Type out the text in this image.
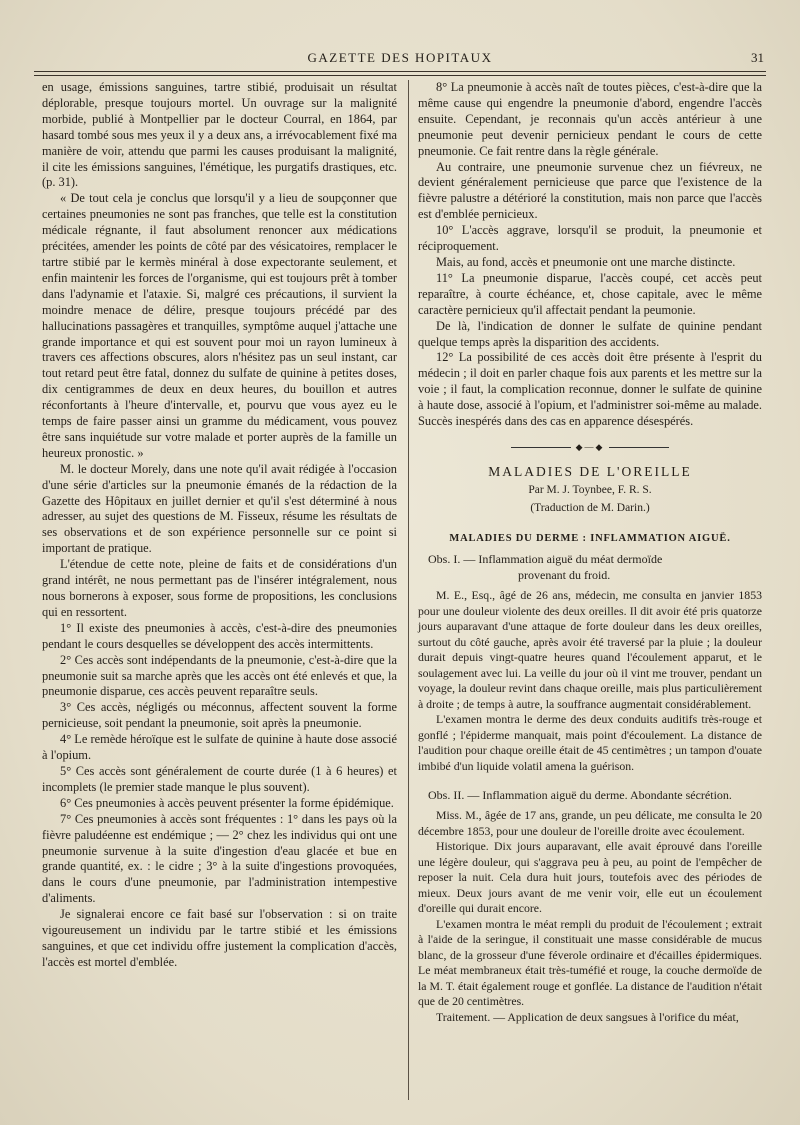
GAZETTE DES HOPITAUX	31

en usage, émissions sanguines, tartre stibié, produisait un résultat déplorable, presque toujours mortel. Un ouvrage sur la malignité morbide, publié à Montpellier par le docteur Courral, en 1864, par hasard tombé sous mes yeux il y a deux ans, a irrévocablement fixé ma manière de voir, attendu que parmi les causes produisant la malignité, il cite les émissions sanguines, l'émétique, les purgatifs drastiques, etc. (p. 31).

« De tout cela je conclus que lorsqu'il y a lieu de soupçonner que certaines pneumonies ne sont pas franches, que telle est la constitution médicale régnante, il faut absolument renoncer aux médications précitées, amender les points de côté par des vésicatoires, remplacer le tartre stibié par le kermès minéral à dose expectorante seulement, et enfin maintenir les forces de l'organisme, qui est toujours prêt à tomber dans l'adynamie et l'ataxie. Si, malgré ces précautions, il survient la moindre menace de délire, presque toujours précédé par des hallucinations passagères et tranquilles, symptôme auquel j'attache une grande importance et qui est souvent pour moi un rayon lumineux à travers ces affections obscures, alors n'hésitez pas un seul instant, car tout retard peut être fatal, donnez du sulfate de quinine à petites doses, dix centigrammes de deux en deux heures, du bouillon et autres réconfortants à l'heure d'intervalle, et, pourvu que vous ayez eu le temps de faire passer ainsi un gramme du médicament, vous pouvez être sans inquiétude sur votre malade et porter auprès de la famille un heureux pronostic. »

M. le docteur Morely, dans une note qu'il avait rédigée à l'occasion d'une série d'articles sur la pneumonie émanés de la rédaction de la Gazette des Hôpitaux en juillet dernier et qu'il s'est déterminé à nous adresser, au sujet des questions de M. Fisseux, résume les résultats de ses observations et de son expérience personnelle sur ce point si important de pratique.

L'étendue de cette note, pleine de faits et de considérations d'un grand intérêt, ne nous permettant pas de l'insérer intégralement, nous nous bornerons à exposer, sous forme de propositions, les conclusions qui en ressortent.

1° Il existe des pneumonies à accès, c'est-à-dire des pneumonies pendant le cours desquelles se développent des accès intermittents.

2° Ces accès sont indépendants de la pneumonie, c'est-à-dire que la pneumonie suit sa marche après que les accès ont été enlevés et que, la pneumonie disparue, ces accès peuvent reparaître seuls.

3° Ces accès, négligés ou méconnus, affectent souvent la forme pernicieuse, soit pendant la pneumonie, soit après la pneumonie.

4° Le remède héroïque est le sulfate de quinine à haute dose associé à l'opium.

5° Ces accès sont généralement de courte durée (1 à 6 heures) et incomplets (le premier stade manque le plus souvent).

6° Ces pneumonies à accès peuvent présenter la forme épidémique.

7° Ces pneumonies à accès sont fréquentes : 1° dans les pays où la fièvre paludéenne est endémique ; — 2° chez les individus qui ont une pneumonie survenue à la suite d'ingestion d'eau glacée et bue en grande quantité, ex. : le cidre ; 3° à la suite d'ingestions provoquées, dans le cours d'une pneumonie, par l'administration intempestive d'aliments.

Je signalerai encore ce fait basé sur l'observation : si on traite vigoureusement un individu par le tartre stibié et les émissions sanguines, et que cet individu offre justement la complication d'accès, l'accès est mortel d'emblée.

8° La pneumonie à accès naît de toutes pièces, c'est-à-dire que la même cause qui engendre la pneumonie d'abord, engendre l'accès ensuite. Cependant, je reconnais qu'un accès antérieur à une pneumonie peut devenir pernicieux pendant le cours de cette pneumonie. Ce fait rentre dans la règle générale.

Au contraire, une pneumonie survenue chez un fiévreux, ne devient généralement pernicieuse que parce que l'existence de la fièvre palustre a détérioré la constitution, mais non parce que l'accès est d'emblée pernicieux.

10° L'accès aggrave, lorsqu'il se produit, la pneumonie et réciproquement.

Mais, au fond, accès et pneumonie ont une marche distincte.

11° La pneumonie disparue, l'accès coupé, cet accès peut reparaître, à courte échéance, et, chose capitale, avec le même caractère pernicieux qu'il affectait pendant la peumonie.

De là, l'indication de donner le sulfate de quinine pendant quelque temps après la disparition des accidents.

12° La possibilité de ces accès doit être présente à l'esprit du médecin ; il doit en parler chaque fois aux parents et les mettre sur la voie ; il faut, la complication reconnue, donner le sulfate de quinine à haute dose, associé à l'opium, et l'administrer soi-même au malade. Succès inespérés dans des cas en apparence désespérés.

◆—◆
MALADIES DE L'OREILLE
Par M. J. Toynbee, F. R. S.
(Traduction de M. Darin.)
MALADIES DU DERME : INFLAMMATION AIGUË.
Obs. I. — Inflammation aiguë du méat dermoïde
provenant du froid.

M. E., Esq., âgé de 26 ans, médecin, me consulta en janvier 1853 pour une douleur violente des deux oreilles. Il dit avoir été pris quatorze jours auparavant d'une attaque de forte douleur dans les deux oreilles, surtout du côté gauche, après avoir été traversé par la pluie ; la douleur durait depuis vingt-quatre heures quand l'écoulement apparut, et le soulagement avec lui. La veille du jour où il vint me trouver, pendant un voyage, la douleur revint dans chaque oreille, mais plus particulièrement à droite ; de temps à autre, la souffrance augmentait considérablement.

L'examen montra le derme des deux conduits auditifs très-rouge et gonflé ; l'épiderme manquait, mais point d'écoulement. La distance de l'audition pour chaque oreille était de 45 centimètres ; un tampon d'ouate imbibé d'un liquide volatil amena la guérison.

Obs. II. — Inflammation aiguë du derme. Abondante sécrétion.

Miss. M., âgée de 17 ans, grande, un peu délicate, me consulta le 20 décembre 1853, pour une douleur de l'oreille droite avec écoulement.

Historique. Dix jours auparavant, elle avait éprouvé dans l'oreille une légère douleur, qui s'aggrava peu à peu, au point de l'empêcher de reposer la nuit. Cela dura huit jours, toutefois avec des périodes de mieux. Deux jours avant de me venir voir, elle eut un écoulement d'oreille qui durait encore.

L'examen montra le méat rempli du produit de l'écoulement ; extrait à l'aide de la seringue, il constituait une masse considérable de mucus blanc, de la grosseur d'une féverole ordinaire et d'écailles épidermiques. Le méat membraneux était très-tuméfié et rouge, la couche dermoïde de la M. T. était également rouge et gonflée. La distance de l'audition n'était que de 20 centimètres.

Traitement. — Application de deux sangsues à l'orifice du méat,
